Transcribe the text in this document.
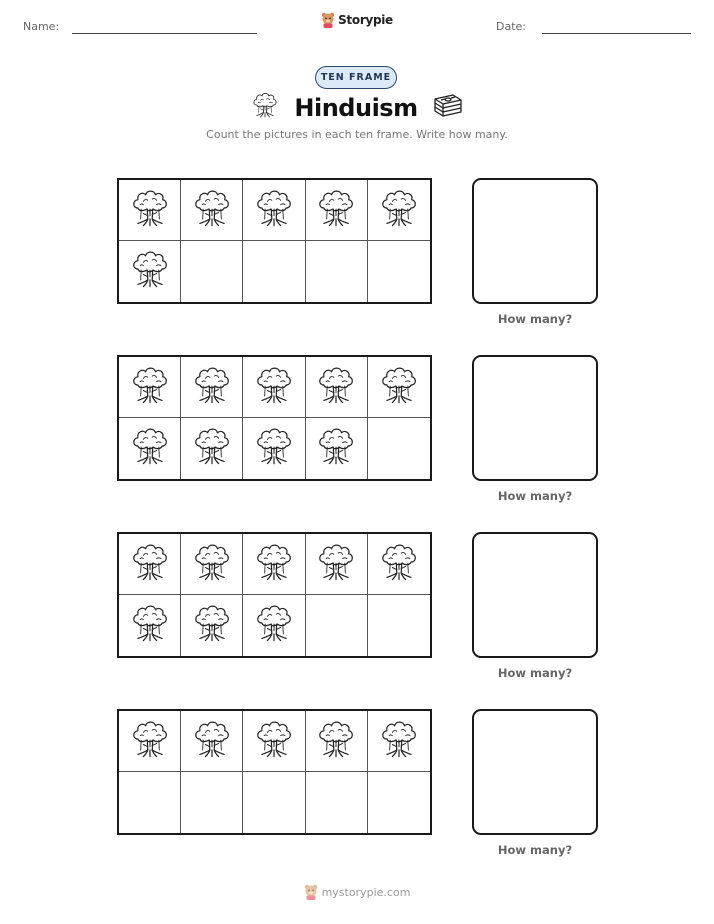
Name:	Storypie	Date:
TEN FRAME
Hinduism

Count the pictures in each ten frame. Write how many.

How many?
How many?
How many?
How many?
mystorypie.com
